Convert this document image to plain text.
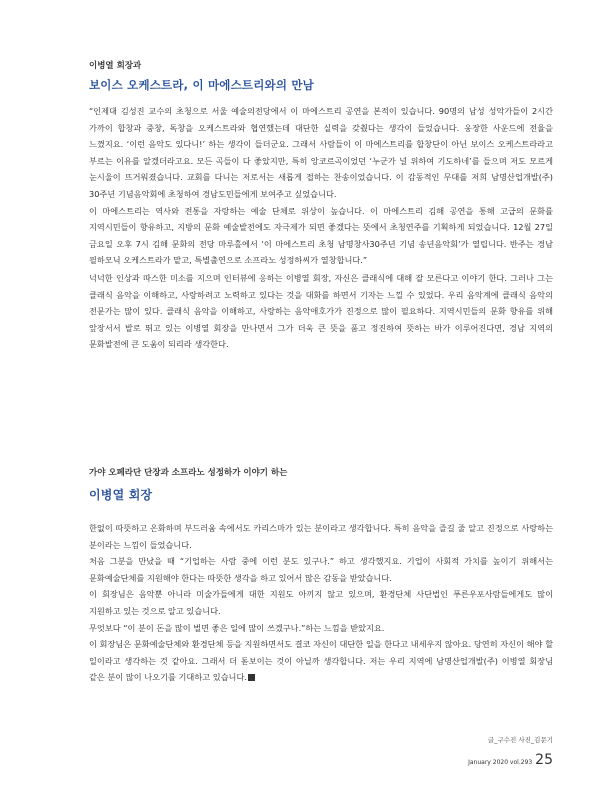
이병열 회장과
보이스 오케스트라, 이 마에스트리와의 만남

“인제대 김성진 교수의 초청으로 서울 예술의전당에서 이 마에스트리 공연을 본적이 있습니다. 90명의 남성 성악가들이 2시간 가까이 합창과 중창, 독창을 오케스트라와 협연했는데 대단한 실력을 갖췄다는 생각이 들었습니다. 웅장한 사운드에 전율을 느꼈지요. ‘이런 음악도 있다니!’ 하는 생각이 들더군요. 그래서 사람들이 이 마에스트리를 합창단이 아닌 보이스 오케스트라라고 부르는 이유를 알겠더라고요. 모든 곡들이 다 좋았지만, 특히 앙코르곡이었던 ‘누군가 널 위하여 기도하네’를 들으며 저도 모르게 눈시울이 뜨거워졌습니다. 교회를 다니는 저로서는 새롭게 접하는 찬송이었습니다. 이 감동적인 무대를 저희 남명산업개발(주) 30주년 기념음악회에 초청하여 경남도민들에게 보여주고 싶었습니다.
이 마에스트리는 역사와 전통을 자랑하는 예술 단체로 위상이 높습니다. 이 마에스트리 김해 공연을 통해 고급의 문화를 지역시민들이 향유하고, 지방의 문화 예술발전에도 자극제가 되면 좋겠다는 뜻에서 초청연주를 기획하게 되었습니다. 12월 27일 금요일 오후 7시 김해 문화의 전당 마루홀에서 ‘이 마에스트리 초청 남명창사30주년 기념 송년음악회’가 열립니다. 반주는 경남 필하모닉 오케스트라가 맡고, 특별출연으로 소프라노 성정하씨가 열창합니다.”

넉넉한 인상과 따스한 미소를 지으며 인터뷰에 응하는 이병열 회장, 자신은 클래식에 대해 잘 모른다고 이야기 한다. 그러나 그는 클래식 음악을 이해하고, 사랑하려고 노력하고 있다는 것을 대화를 하면서 기자는 느낄 수 있었다. 우리 음악계에 클래식 음악의 전문가는 많이 있다. 클래식 음악을 이해하고, 사랑하는 음악애호가가 진정으로 많이 필요하다. 지역시민들의 문화 향유를 위해 앞장서서 발로 뛰고 있는 이병열 회장을 만나면서 그가 더욱 큰 뜻을 품고 정진하여 뜻하는 바가 이루어진다면, 경남 지역의 문화발전에 큰 도움이 되리라 생각한다.

가야 오페라단 단장과 소프라노 성정하가 이야기 하는
이병열 회장
한없이 따뜻하고 온화하며 부드러움 속에서도 카리스마가 있는 분이라고 생각합니다. 특히 음악을 즐길 줄 알고 진정으로 사랑하는 분이라는 느낌이 들었습니다.
처음 그분을 만났을 때 “기업하는 사람 중에 이런 분도 있구나.” 하고 생각했지요. 기업이 사회적 가치를 높이기 위해서는 문화예술단체를 지원해야 한다는 따뜻한 생각을 하고 있어서 많은 감동을 받았습니다.
이 회장님은 음악뿐 아니라 미술가들에게 대한 지원도 아끼지 않고 있으며, 환경단체 사단법인 푸른우포사람들에게도 많이 지원하고 있는 것으로 알고 있습니다.
무엇보다 “이 분이 돈을 많이 벌면 좋은 일에 많이 쓰겠구나.”하는 느낌을 받았지요.
이 회장님은 문화예술단체와 환경단체 등을 지원하면서도 결코 자신이 대단한 일을 한다고 내세우지 않아요. 당연히 자신이 해야 할 일이라고 생각하는 것 같아요. 그래서 더 돋보이는 것이 아닐까 생각합니다. 저는 우리 지역에 남명산업개발(주) 이병열 회장님 같은 분이 많이 나오기를 기대하고 있습니다.
글_구수진 사진_김문기
January 2020 vol.293 25
